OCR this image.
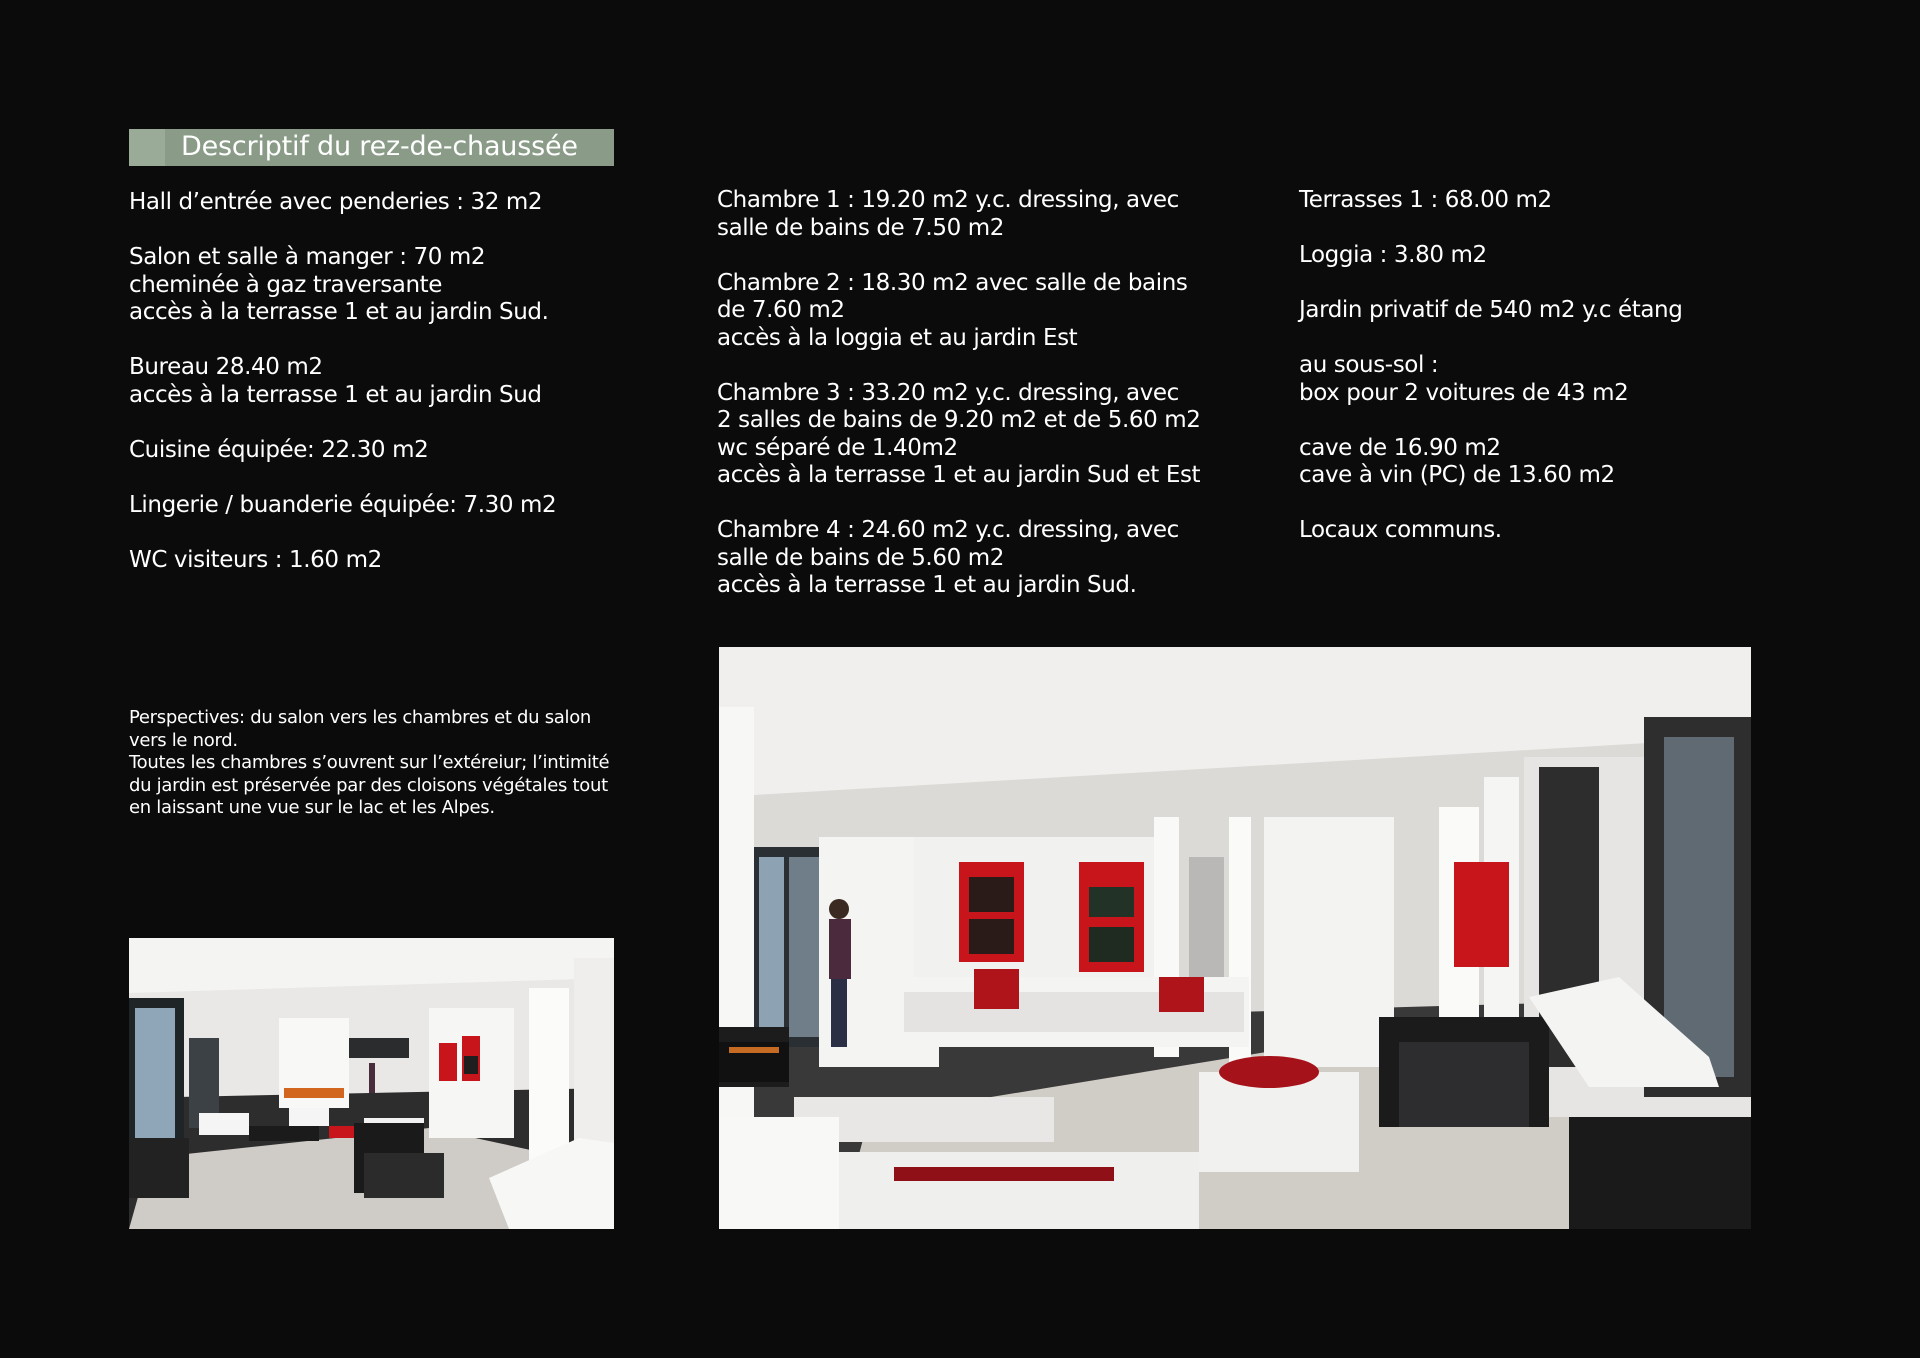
Descriptif du rez-de-chaussée

Hall d’entrée avec penderies : 32 m2

Salon et salle à manger : 70 m2
cheminée à gaz traversante
accès à la terrasse 1 et au jardin Sud.

Bureau 28.40 m2
accès à la terrasse 1 et au jardin Sud

Cuisine équipée: 22.30 m2

Lingerie / buanderie équipée: 7.30 m2

WC visiteurs : 1.60 m2

Chambre 1 : 19.20 m2 y.c. dressing, avec
salle de bains de 7.50 m2

Chambre 2 : 18.30 m2 avec salle de bains
de 7.60 m2
accès à la loggia et au jardin Est

Chambre 3 : 33.20 m2 y.c. dressing, avec
2 salles de bains de 9.20 m2 et de 5.60 m2
wc séparé de 1.40m2
accès à la terrasse 1 et au jardin Sud et Est

Chambre 4 : 24.60 m2 y.c. dressing, avec
salle de bains de 5.60 m2
accès à la terrasse 1 et au jardin Sud.

Terrasses 1 : 68.00 m2

Loggia : 3.80 m2

Jardin privatif de 540 m2 y.c étang

au sous-sol :
box pour 2 voitures de 43 m2

cave de 16.90 m2
cave à vin (PC) de 13.60 m2

Locaux communs.

Perspectives: du salon vers les chambres et du salon
vers le nord.
Toutes les chambres s’ouvrent sur l’extéreiur; l’intimité
du jardin est préservée par des cloisons végétales tout
en laissant une vue sur le lac et les Alpes.
